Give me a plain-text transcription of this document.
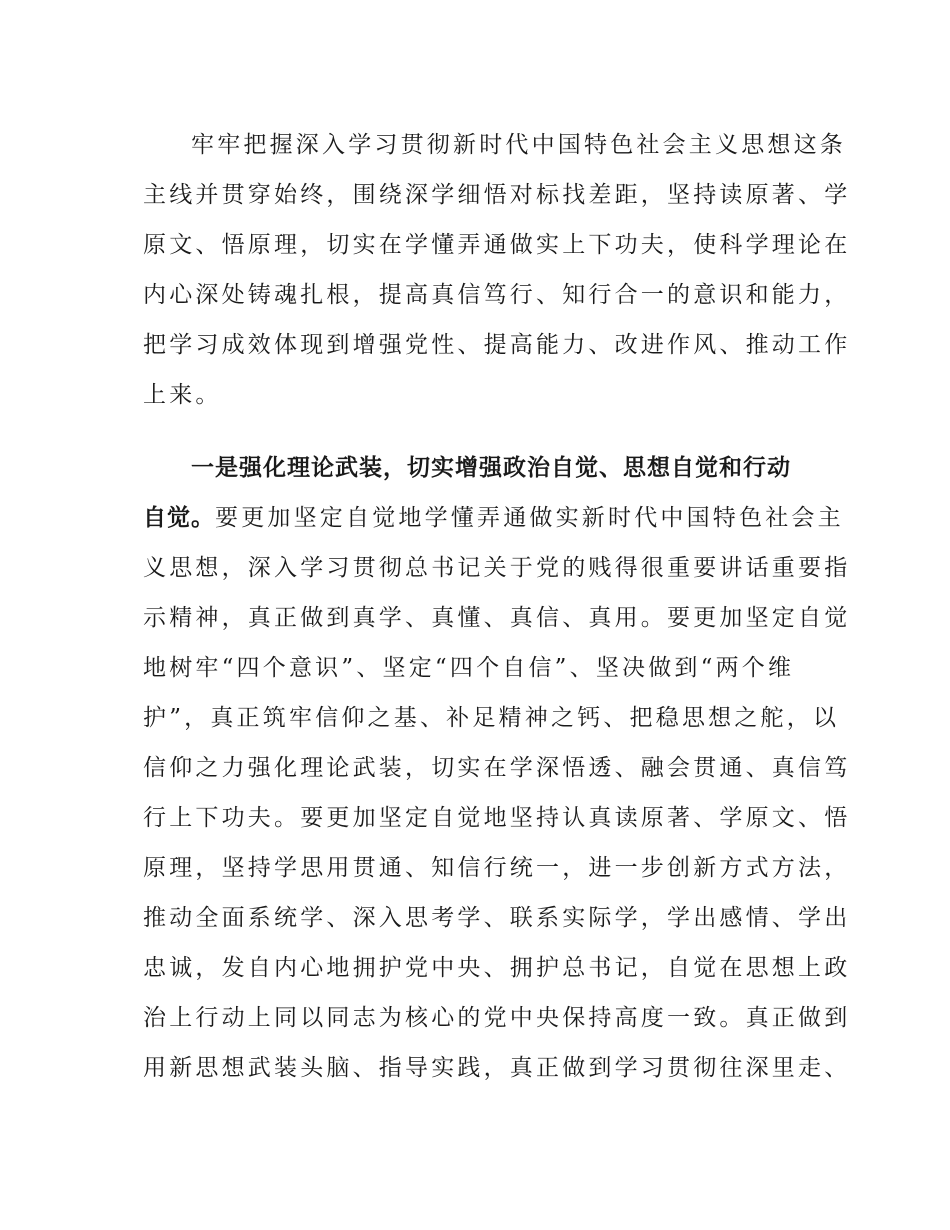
牢牢把握深入学习贯彻新时代中国特色社会主义思想这条
主线并贯穿始终，围绕深学细悟对标找差距，坚持读原著、学
原文、悟原理，切实在学懂弄通做实上下功夫，使科学理论在
内心深处铸魂扎根，提高真信笃行、知行合一的意识和能力，
把学习成效体现到增强党性、提高能力、改进作风、推动工作
上来。
一是强化理论武装，切实增强政治自觉、思想自觉和行动
自觉。要更加坚定自觉地学懂弄通做实新时代中国特色社会主
义思想，深入学习贯彻总书记关于党的贱得很重要讲话重要指
示精神，真正做到真学、真懂、真信、真用。要更加坚定自觉
地树牢“四个意识”、坚定“四个自信”、坚决做到“两个维
护”，真正筑牢信仰之基、补足精神之钙、把稳思想之舵，以
信仰之力强化理论武装，切实在学深悟透、融会贯通、真信笃
行上下功夫。要更加坚定自觉地坚持认真读原著、学原文、悟
原理，坚持学思用贯通、知信行统一，进一步创新方式方法，
推动全面系统学、深入思考学、联系实际学，学出感情、学出
忠诚，发自内心地拥护党中央、拥护总书记，自觉在思想上政
治上行动上同以同志为核心的党中央保持高度一致。真正做到
用新思想武装头脑、指导实践，真正做到学习贯彻往深里走、
